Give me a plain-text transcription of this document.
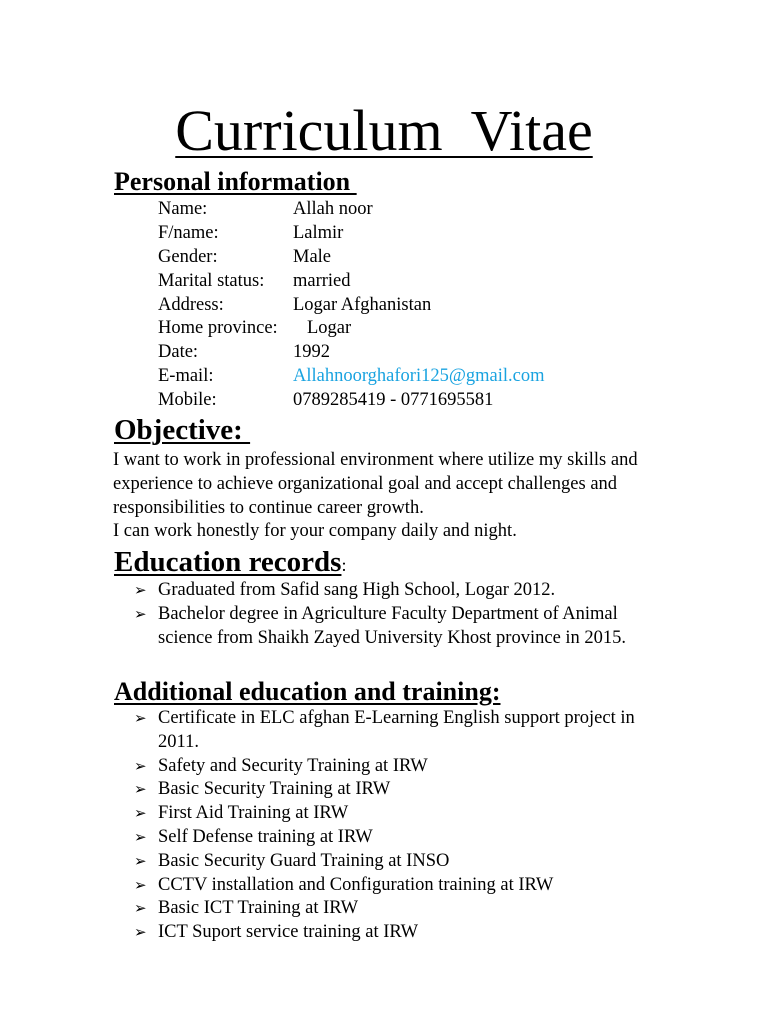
Curriculum  Vitae
Personal information
Name:	Allah noor
F/name:	Lalmir
Gender:	Male
Marital status: married
Address:	Logar Afghanistan
Home province: Logar
Date:	1992
E-mail:	Allahnoorghafori125@gmail.com
Mobile:	0789285419 - 0771695581
Objective:
I want to work in professional environment where utilize my skills and experience to achieve organizational goal and accept challenges and responsibilities to continue career growth.
I can work honestly for your company daily and night.
Education records:
➢ Graduated from Safid sang High School, Logar 2012.
➢ Bachelor degree in Agriculture Faculty Department of Animal science from Shaikh Zayed University Khost province in 2015.
Additional education and training:
➢ Certificate in ELC afghan E-Learning English support project in 2011.
➢ Safety and Security Training at IRW
➢ Basic Security Training at IRW
➢ First Aid Training at IRW
➢ Self Defense training at IRW
➢ Basic Security Guard Training at INSO
➢ CCTV installation and Configuration training at IRW
➢ Basic ICT Training at IRW
➢ ICT Suport service training at IRW
